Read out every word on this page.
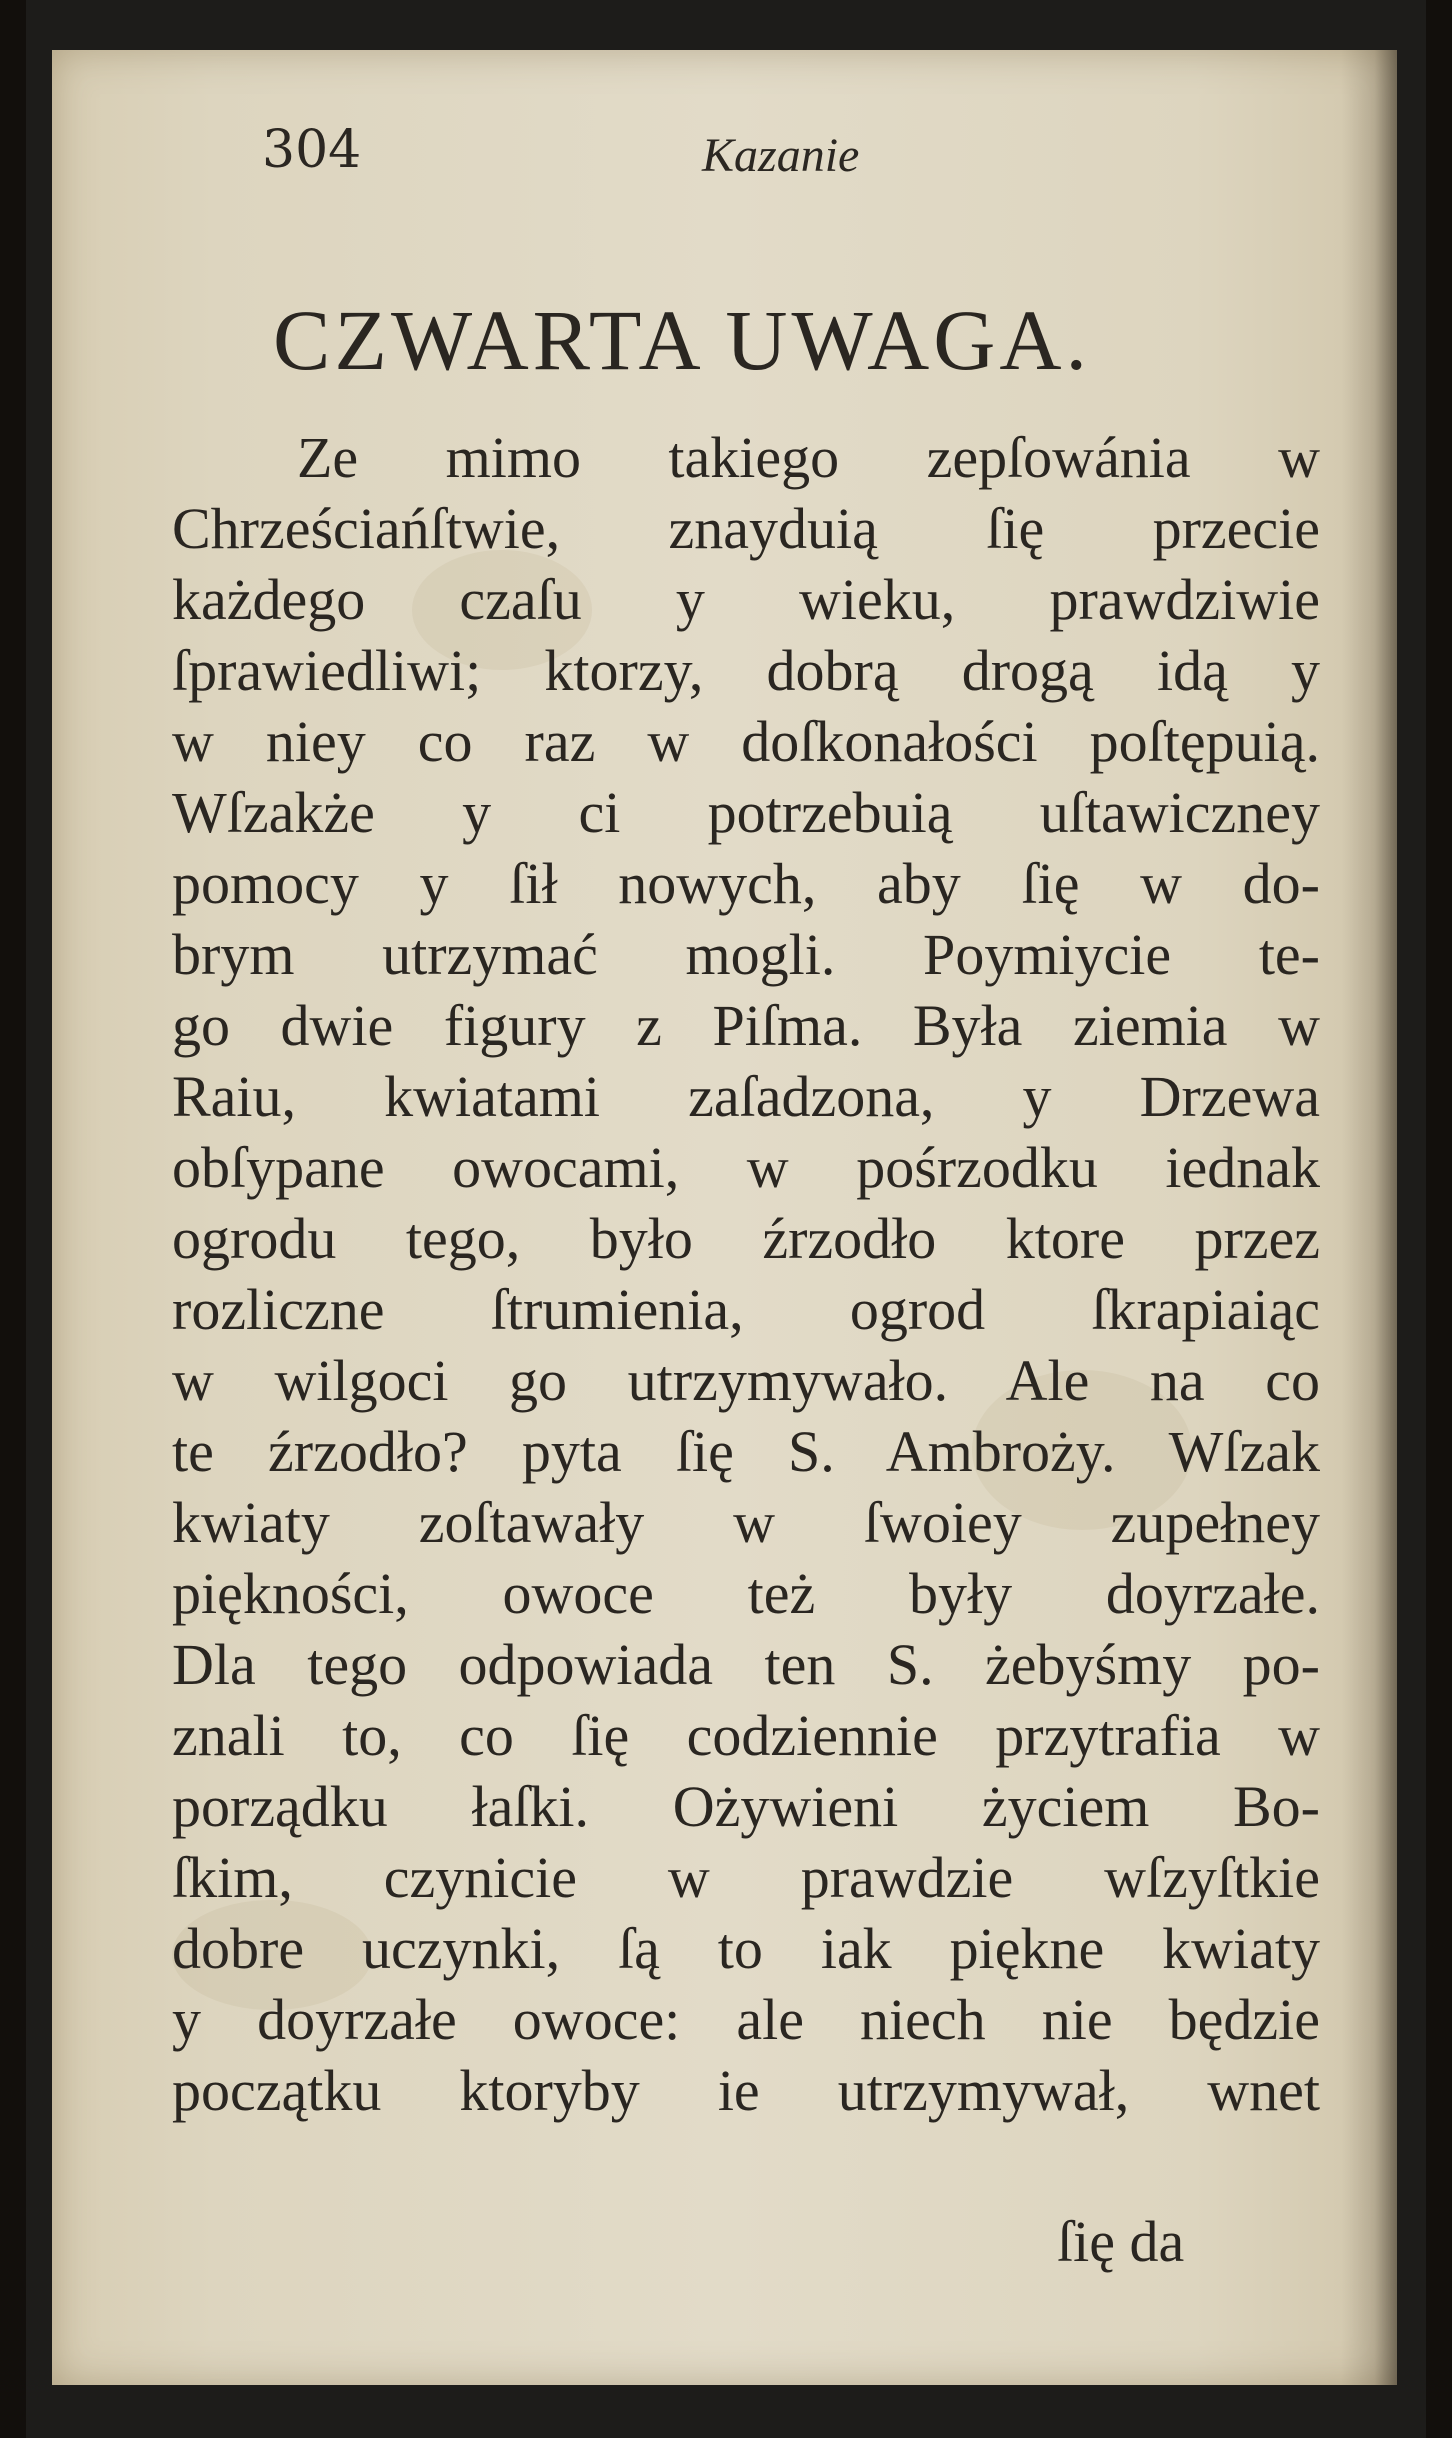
304	Kazanie
CZWARTA UWAGA.
Ze mimo takiego zepſowánia w
Chrześciańſtwie, znayduią ſię przecie
każdego czaſu y wieku, prawdziwie
ſprawiedliwi; ktorzy, dobrą drogą idą y
w niey co raz w doſkonałości poſtępuią.
Wſzakże y ci potrzebuią uſtawiczney
pomocy y ſił nowych, aby ſię w do-
brym utrzymać mogli. Poymiycie te-
go dwie figury z Piſma. Była ziemia w
Raiu, kwiatami zaſadzona, y Drzewa
obſypane owocami, w pośrzodku iednak
ogrodu tego, było źrzodło ktore przez
rozliczne ſtrumienia, ogrod ſkrapiaiąc
w wilgoci go utrzymywało. Ale na co
te źrzodło? pyta ſię S. Ambroży. Wſzak
kwiaty zoſtawały w ſwoiey zupełney
piękności, owoce też były doyrzałe.
Dla tego odpowiada ten S. żebyśmy po-
znali to, co ſię codziennie przytrafia w
porządku łaſki. Ożywieni życiem Bo-
ſkim, czynicie w prawdzie wſzyſtkie
dobre uczynki, ſą to iak piękne kwiaty
y doyrzałe owoce: ale niech nie będzie
początku ktoryby ie utrzymywał, wnet
ſię da
